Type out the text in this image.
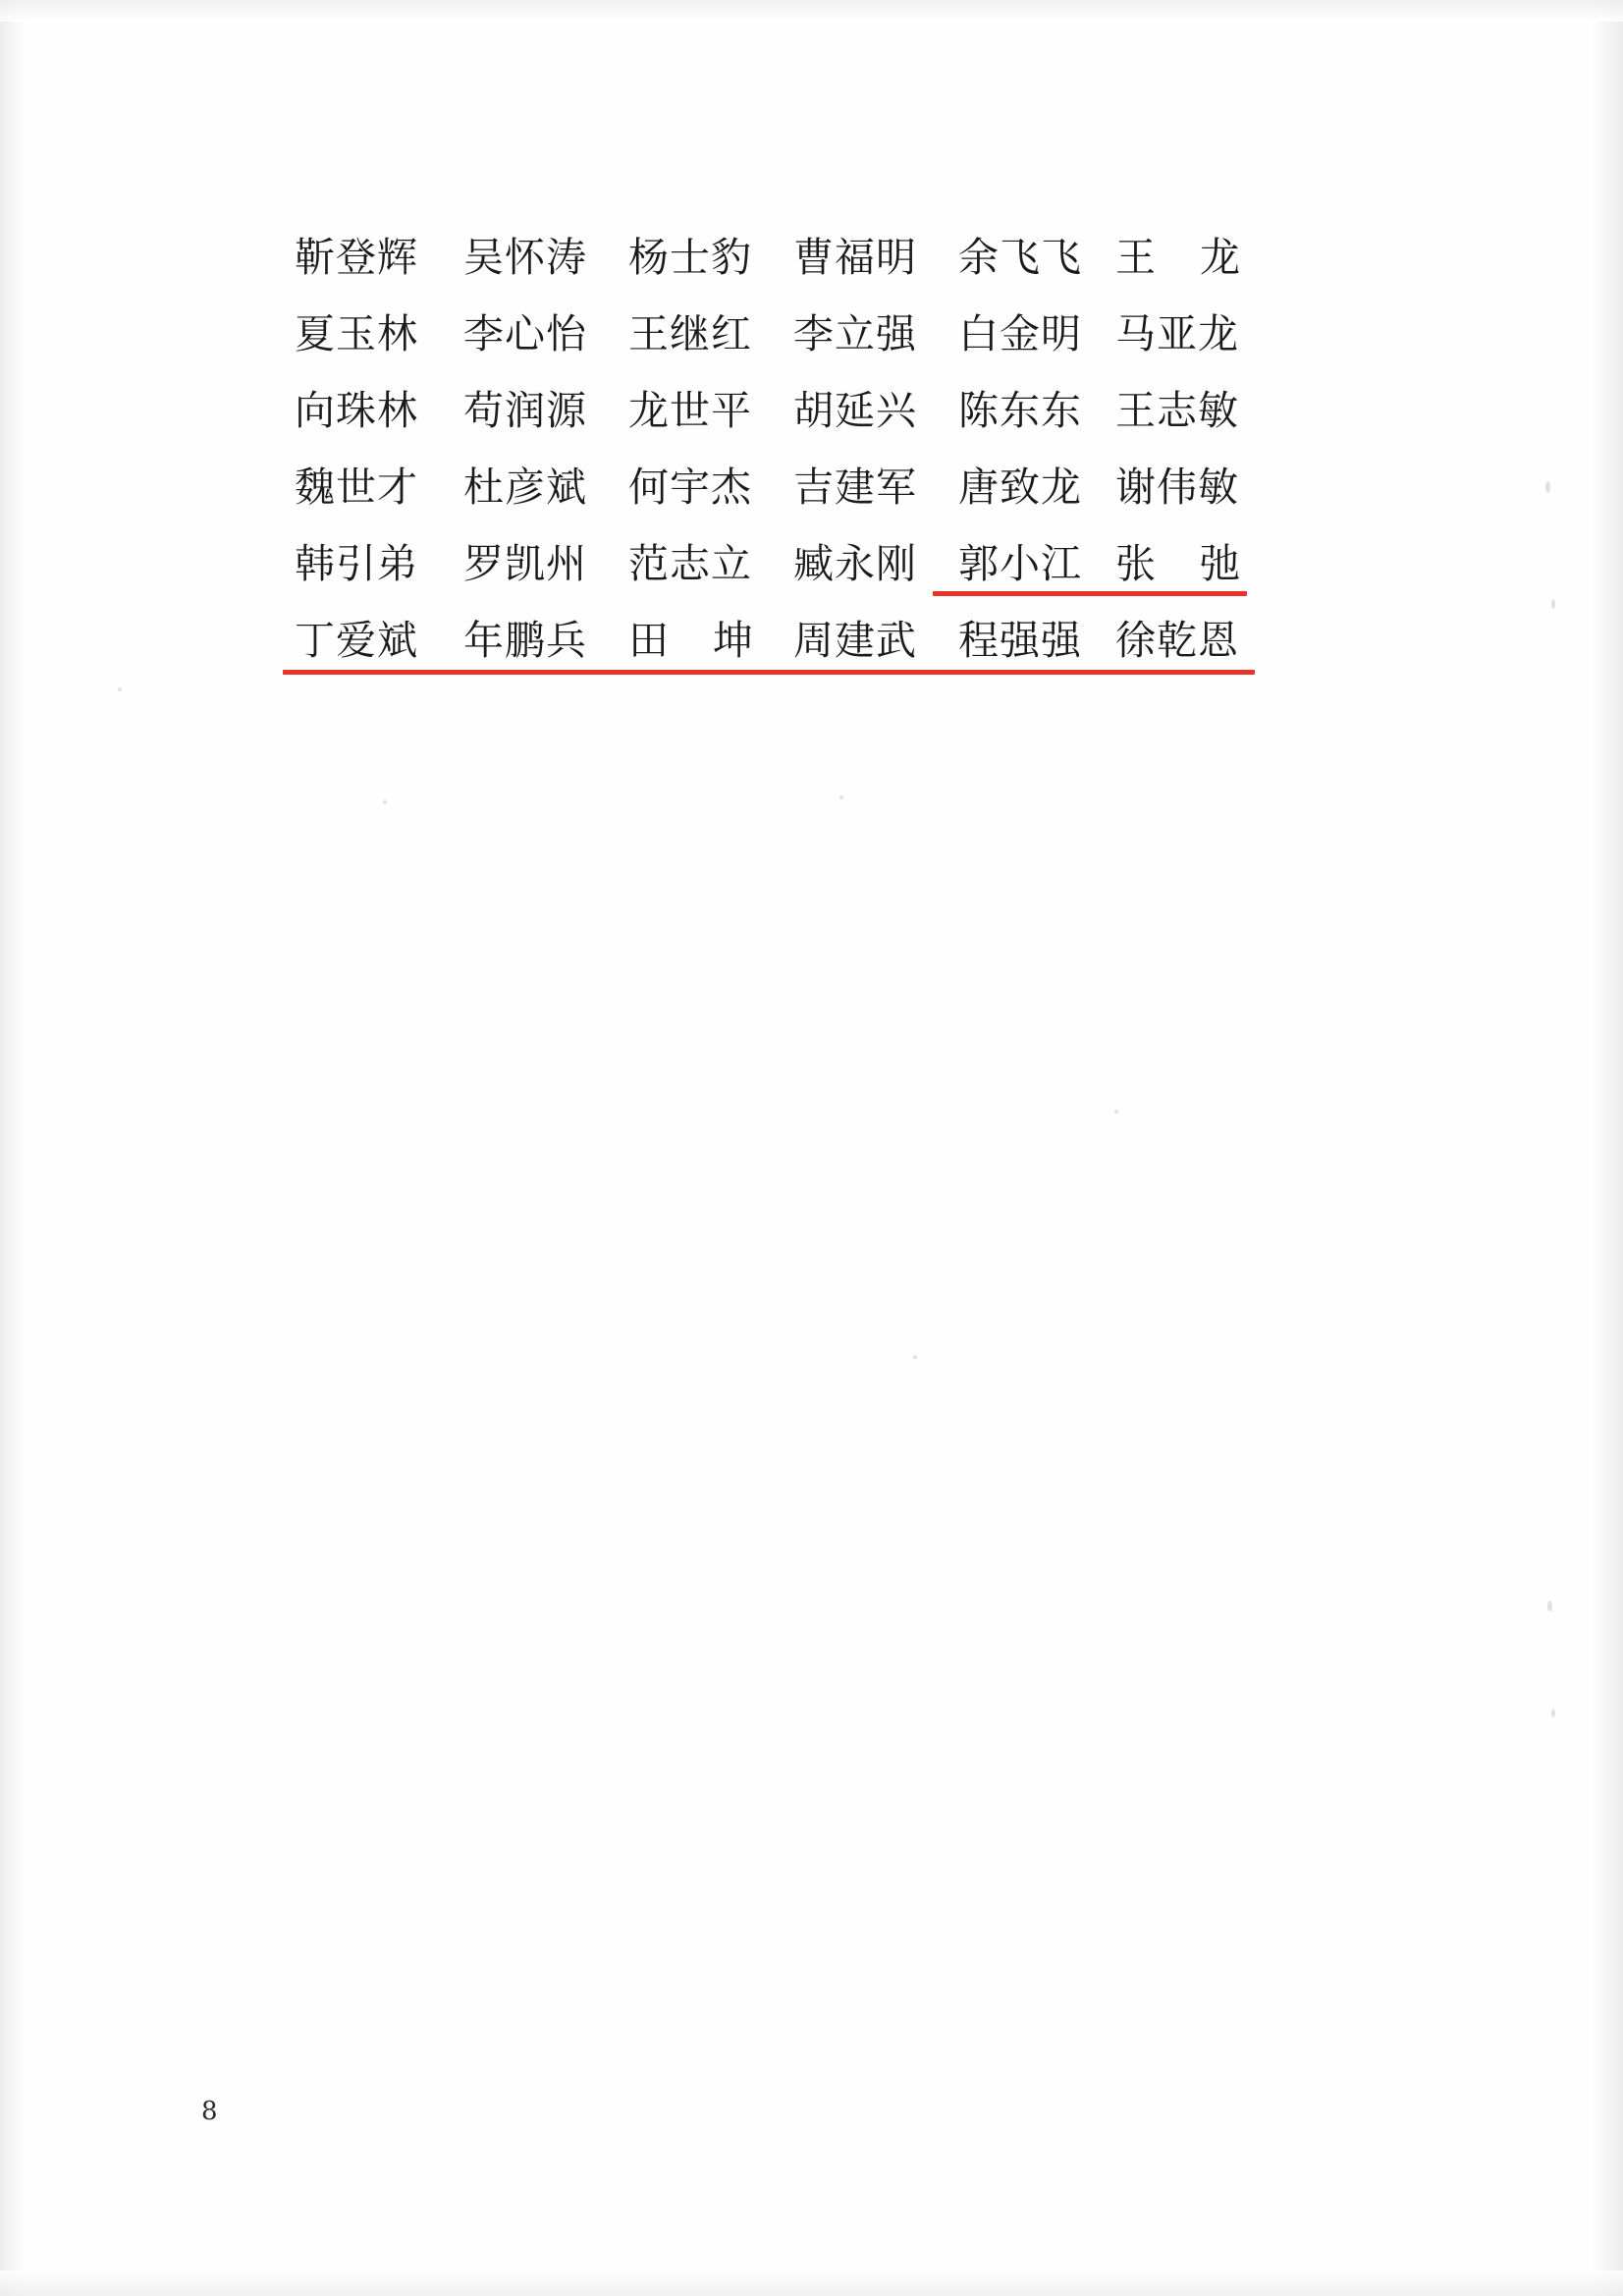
靳登辉	吴怀涛	杨士豹	曹福明	余飞飞 王 龙
夏玉林	李心怡	王继红	李立强	白金明 马亚龙
向珠林	苟润源	龙世平	胡延兴	陈东东 王志敏
魏世才	杜彦斌	何宇杰	吉建军	唐致龙 谢伟敏
韩引弟	罗凯州	范志立	臧永刚	郭小江 张 弛
丁爱斌	年鹏兵	田 坤 周建武	程强强 徐乾恩
8
